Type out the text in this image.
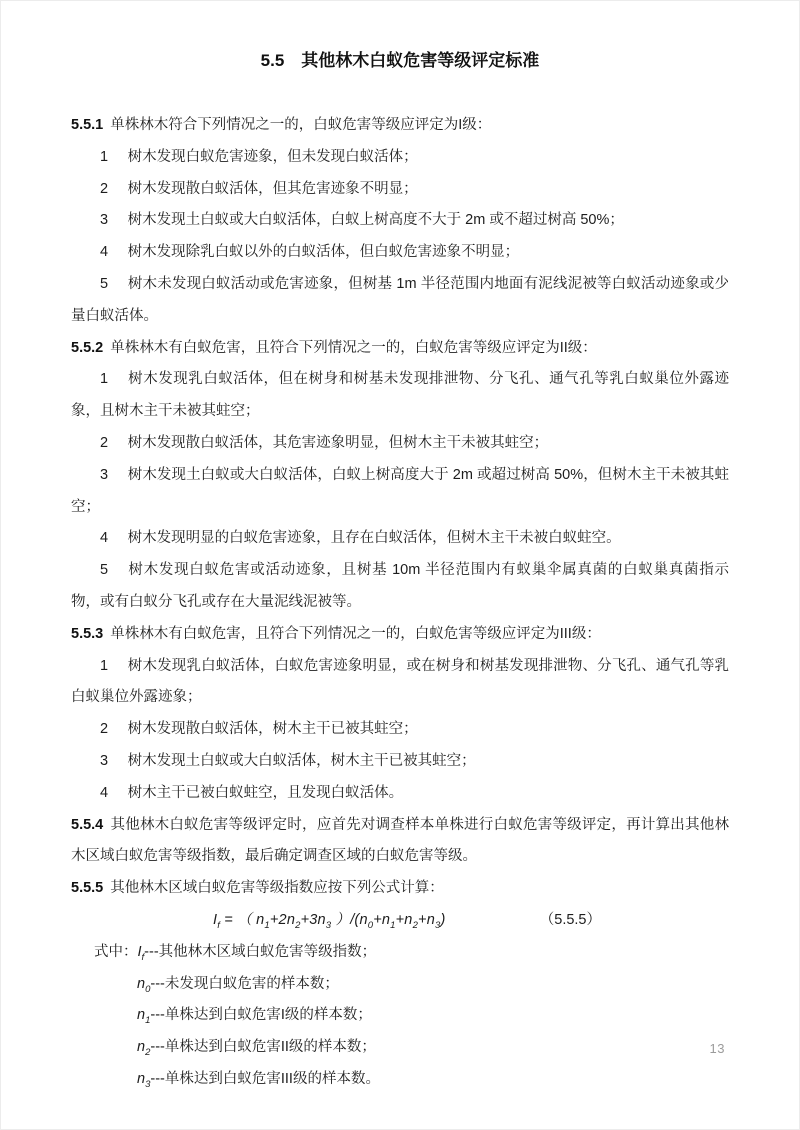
5.5　其他林木白蚁危害等级评定标准

5.5.1 单株林木符合下列情况之一的，白蚁危害等级应评定为I级：

1 树木发现白蚁危害迹象，但未发现白蚁活体；

2 树木发现散白蚁活体，但其危害迹象不明显；

3 树木发现土白蚁或大白蚁活体，白蚁上树高度不大于 2m 或不超过树高 50%；

4 树木发现除乳白蚁以外的白蚁活体，但白蚁危害迹象不明显；

5 树木未发现白蚁活动或危害迹象，但树基 1m 半径范围内地面有泥线泥被等白蚁活动迹象或少量白蚁活体。

5.5.2 单株林木有白蚁危害，且符合下列情况之一的，白蚁危害等级应评定为II级：

1 树木发现乳白蚁活体，但在树身和树基未发现排泄物、分飞孔、通气孔等乳白蚁巢位外露迹象，且树木主干未被其蛀空；

2 树木发现散白蚁活体，其危害迹象明显，但树木主干未被其蛀空；

3 树木发现土白蚁或大白蚁活体，白蚁上树高度大于 2m 或超过树高 50%，但树木主干未被其蛀空；

4 树木发现明显的白蚁危害迹象，且存在白蚁活体，但树木主干未被白蚁蛀空。

5 树木发现白蚁危害或活动迹象，且树基 10m 半径范围内有蚁巢伞属真菌的白蚁巢真菌指示物，或有白蚁分飞孔或存在大量泥线泥被等。

5.5.3 单株林木有白蚁危害，且符合下列情况之一的，白蚁危害等级应评定为III级：

1 树木发现乳白蚁活体，白蚁危害迹象明显，或在树身和树基发现排泄物、分飞孔、通气孔等乳白蚁巢位外露迹象；

2 树木发现散白蚁活体，树木主干已被其蛀空；

3 树木发现土白蚁或大白蚁活体，树木主干已被其蛀空；

4 树木主干已被白蚁蛀空，且发现白蚁活体。

5.5.4 其他林木白蚁危害等级评定时，应首先对调查样本单株进行白蚁危害等级评定，再计算出其他林木区域白蚁危害等级指数，最后确定调查区域的白蚁危害等级。

5.5.5 其他林木区域白蚁危害等级指数应按下列公式计算：

$I_f$ = （ $n_1+2n_2+3n_3$ ）$/(n_0+n_1+n_2+n_3)$	（5.5.5）

式中：$I_f---$其他林木区域白蚁危害等级指数；

$n_0---$未发现白蚁危害的样本数；

$n_1---$单株达到白蚁危害I级的样本数；

$n_2---$单株达到白蚁危害II级的样本数；

$n_3---$单株达到白蚁危害III级的样本数。

13
